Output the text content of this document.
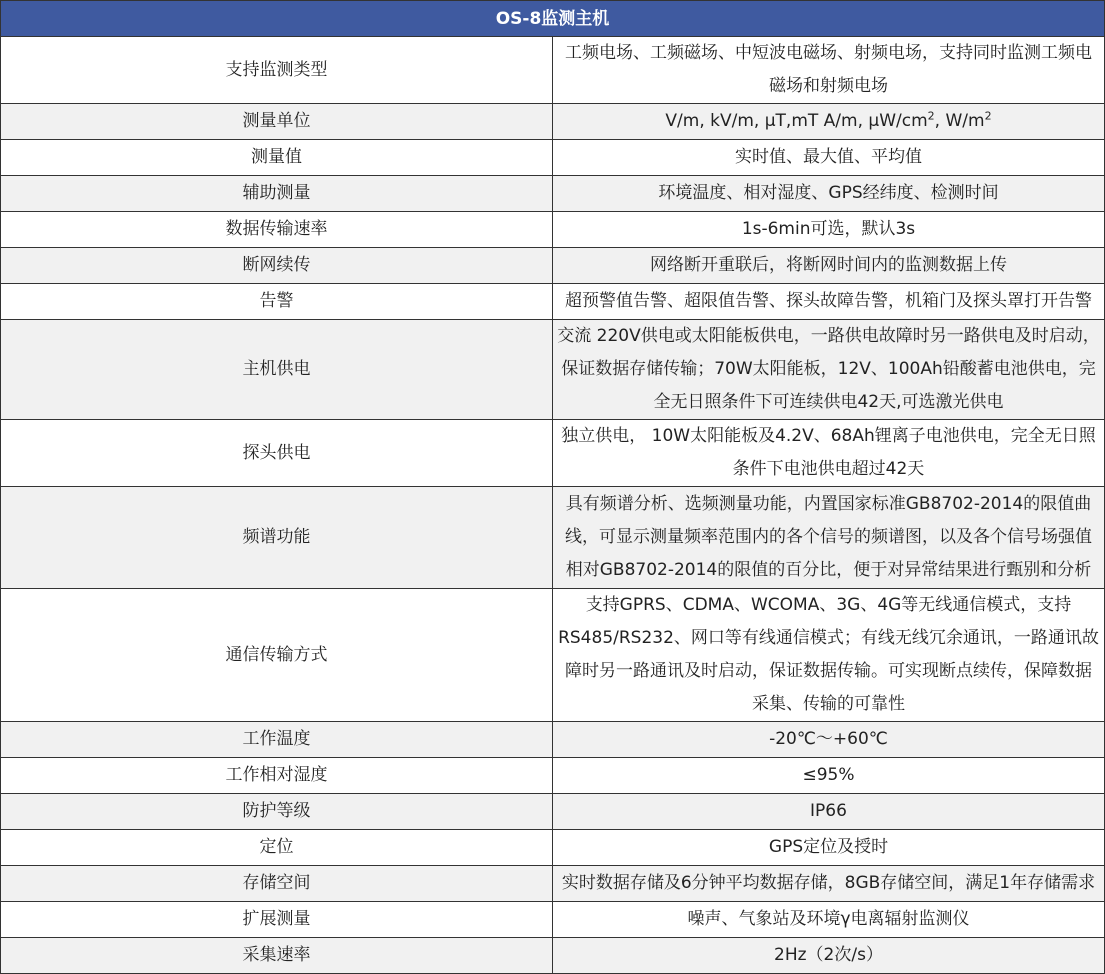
OS-8监测主机	
支持监测类型	工频电场、工频磁场、中短波电磁场、射频电场，支持同时监测工频电磁场和射频电场
测量单位	V/m, kV/m, μT,mT A/m, $\mu W/cm^2$, $W/m^2$
测量值	实时值、最大值、平均值
辅助测量	环境温度、相对湿度、GPS经纬度、检测时间
数据传输速率	1s-6min可选，默认3s
断网续传	网络断开重联后，将断网时间内的监测数据上传
告警	超预警值告警、超限值告警、探头故障告警，机箱门及探头罩打开告警
主机供电	交流 220V供电或太阳能板供电，一路供电故障时另一路供电及时启动，保证数据存储传输；70W太阳能板，12V、100Ah铅酸蓄电池供电，完全无日照条件下可连续供电42天,可选激光供电
探头供电	独立供电， 10W太阳能板及4.2V、68Ah锂离子电池供电，完全无日照条件下电池供电超过42天
频谱功能	具有频谱分析、选频测量功能，内置国家标准GB8702-2014的限值曲线，可显示测量频率范围内的各个信号的频谱图，以及各个信号场强值相对GB8702-2014的限值的百分比，便于对异常结果进行甄别和分析
通信传输方式	支持GPRS、CDMA、WCOMA、3G、4G等无线通信模式，支持RS485/RS232、网口等有线通信模式；有线无线冗余通讯，一路通讯故障时另一路通讯及时启动，保证数据传输。可实现断点续传，保障数据采集、传输的可靠性
工作温度	-20℃～+60℃
工作相对湿度	≤95%
防护等级	IP66
定位	GPS定位及授时
存储空间	实时数据存储及6分钟平均数据存储，8GB存储空间，满足1年存储需求
扩展测量	噪声、气象站及环境γ电离辐射监测仪
采集速率	2Hz（2次/s）
